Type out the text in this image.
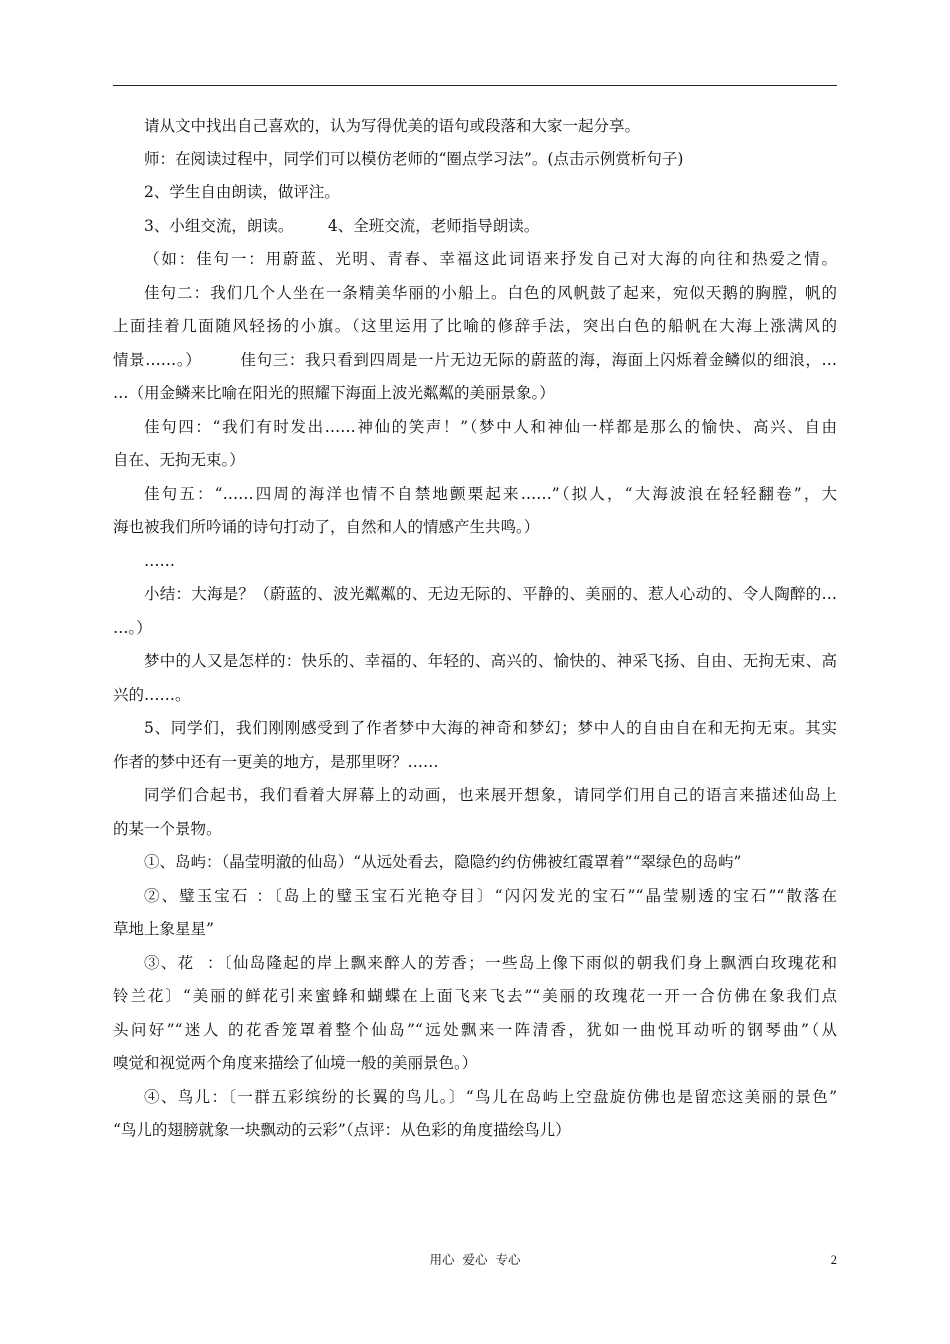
请从文中找出自己喜欢的，认为写得优美的语句或段落和大家一起分享。
师：在阅读过程中，同学们可以模仿老师的“圈点学习法”。(点击示例赏析句子)
2、学生自由朗读，做评注。
3、小组交流，朗读。       4、全班交流，老师指导朗读。
（如：佳句一：用蔚蓝、光明、青春、幸福这此词语来抒发自己对大海的向往和热爱之情。
佳句二：我们几个人坐在一条精美华丽的小船上。白色的风帆鼓了起来，宛似天鹅的胸膛，帆的
上面挂着几面随风轻扬的小旗。（这里运用了比喻的修辞手法，突出白色的船帆在大海上涨满风的
情景……。）       佳句三：我只看到四周是一片无边无际的蔚蓝的海，海面上闪烁着金鳞似的细浪，…
…（用金鳞来比喻在阳光的照耀下海面上波光粼粼的美丽景象。）
佳句四：“我们有时发出……神仙的笑声！”（梦中人和神仙一样都是那么的愉快、高兴、自由
自在、无拘无束。）
佳句五：“……四周的海洋也情不自禁地颤栗起来……”（拟人，“大海波浪在轻轻翻卷”，大
海也被我们所吟诵的诗句打动了，自然和人的情感产生共鸣。）
……
小结：大海是？（蔚蓝的、波光粼粼的、无边无际的、平静的、美丽的、惹人心动的、令人陶醉的…
…。）
梦中的人又是怎样的：快乐的、幸福的、年轻的、高兴的、愉快的、神采飞扬、自由、无拘无束、高
兴的……。
5、同学们，我们刚刚感受到了作者梦中大海的神奇和梦幻；梦中人的自由自在和无拘无束。其实
作者的梦中还有一更美的地方，是那里呀？……
同学们合起书，我们看着大屏幕上的动画，也来展开想象，请同学们用自己的语言来描述仙岛上
的某一个景物。
①、岛屿：（晶莹明澈的仙岛）“从远处看去，隐隐约约仿佛被红霞罩着”“翠绿色的岛屿”
②、璧玉宝石 ：〔岛上的璧玉宝石光艳夺目〕“闪闪发光的宝石”“晶莹剔透的宝石”“散落在
草地上象星星”
③、花  ：〔仙岛隆起的岸上飘来醉人的芳香；一些岛上像下雨似的朝我们身上飘洒白玫瑰花和
铃兰花〕“美丽的鲜花引来蜜蜂和蝴蝶在上面飞来飞去”“美丽的玫瑰花一开一合仿佛在象我们点
头问好”“迷人 的花香笼罩着整个仙岛”“远处飘来一阵清香，犹如一曲悦耳动听的钢琴曲”（从
嗅觉和视觉两个角度来描绘了仙境一般的美丽景色。）
④、鸟儿：〔一群五彩缤纷的长翼的鸟儿。〕“鸟儿在岛屿上空盘旋仿佛也是留恋这美丽的景色”
“鸟儿的翅膀就象一块飘动的云彩”（点评：从色彩的角度描绘鸟儿）
用心  爱心  专心	2
